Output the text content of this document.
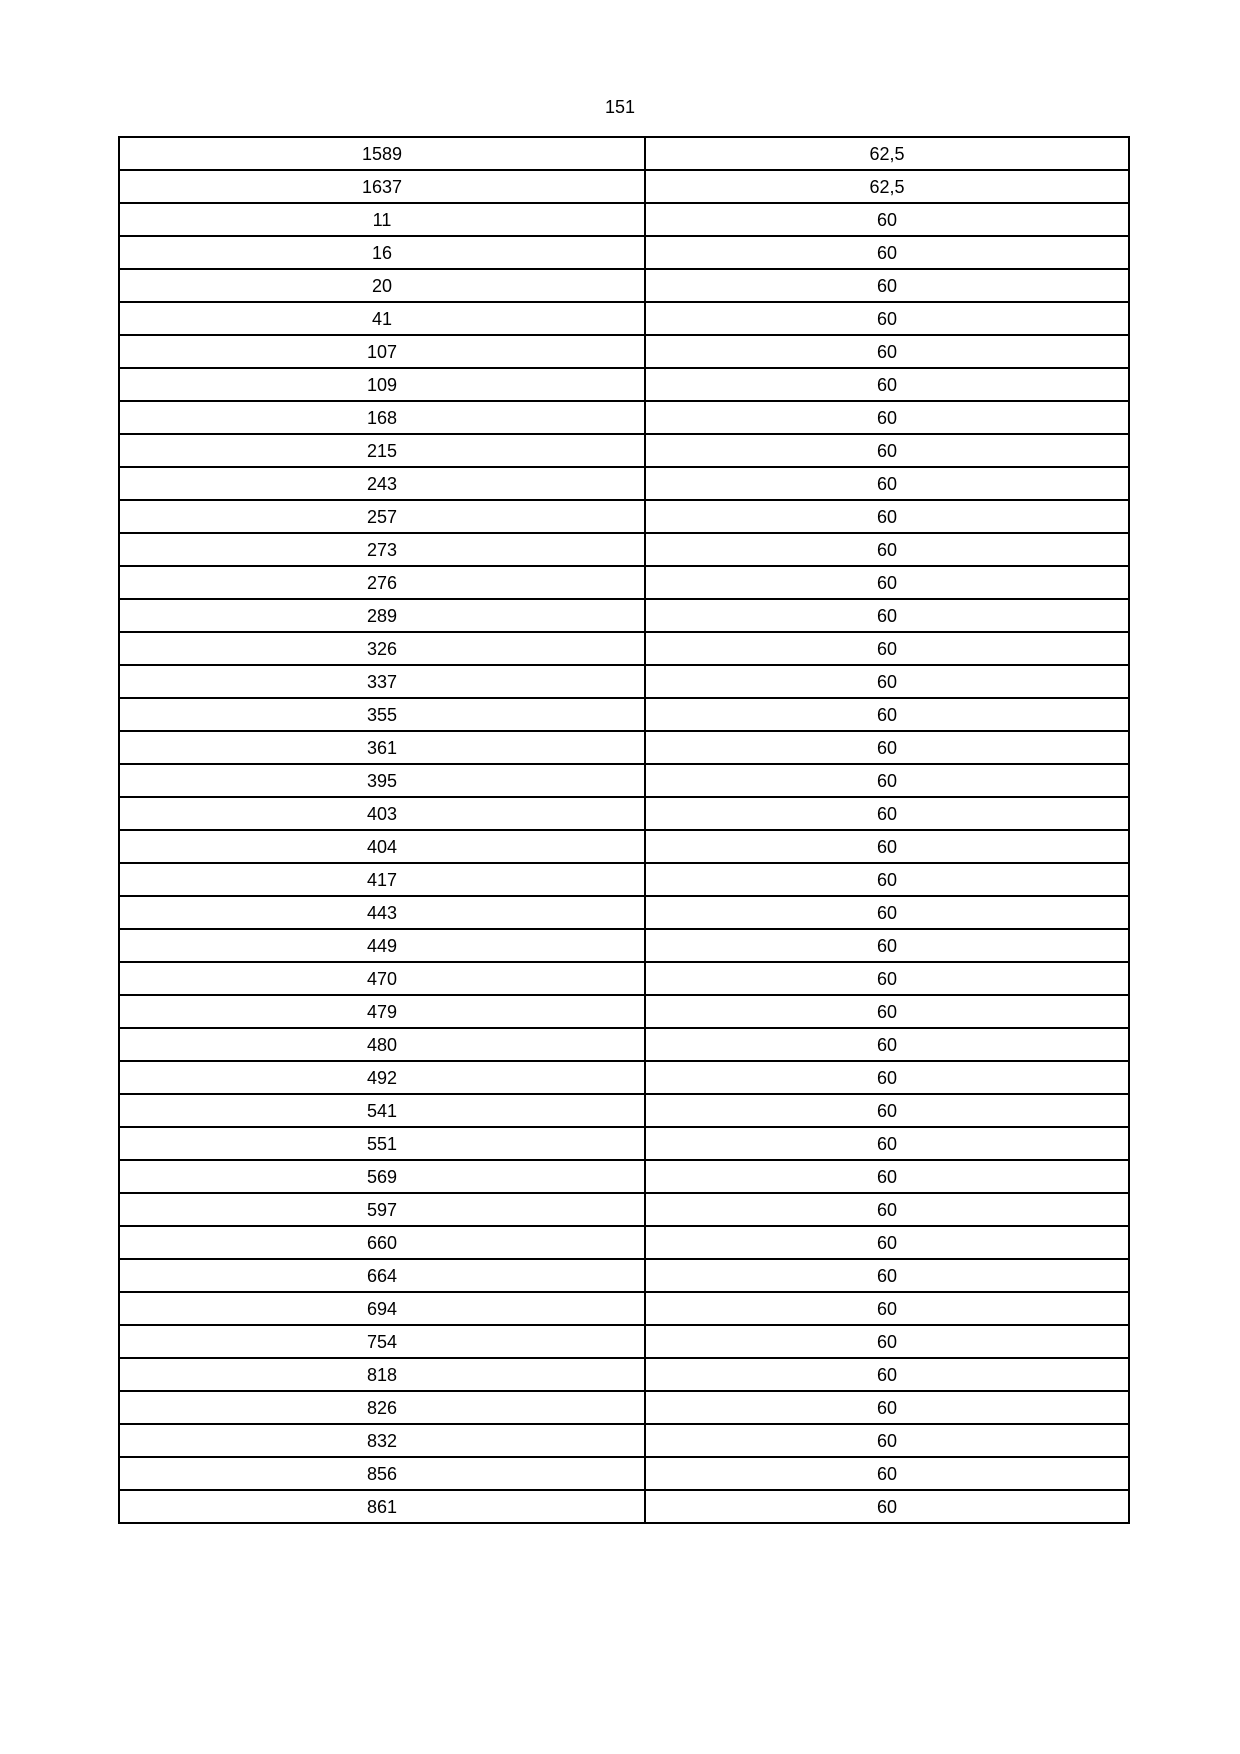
151
1589	62,5
1637	62,5
11	60
16	60
20	60
41	60
107	60
109	60
168	60
215	60
243	60
257	60
273	60
276	60
289	60
326	60
337	60
355	60
361	60
395	60
403	60
404	60
417	60
443	60
449	60
470	60
479	60
480	60
492	60
541	60
551	60
569	60
597	60
660	60
664	60
694	60
754	60
818	60
826	60
832	60
856	60
861	60
